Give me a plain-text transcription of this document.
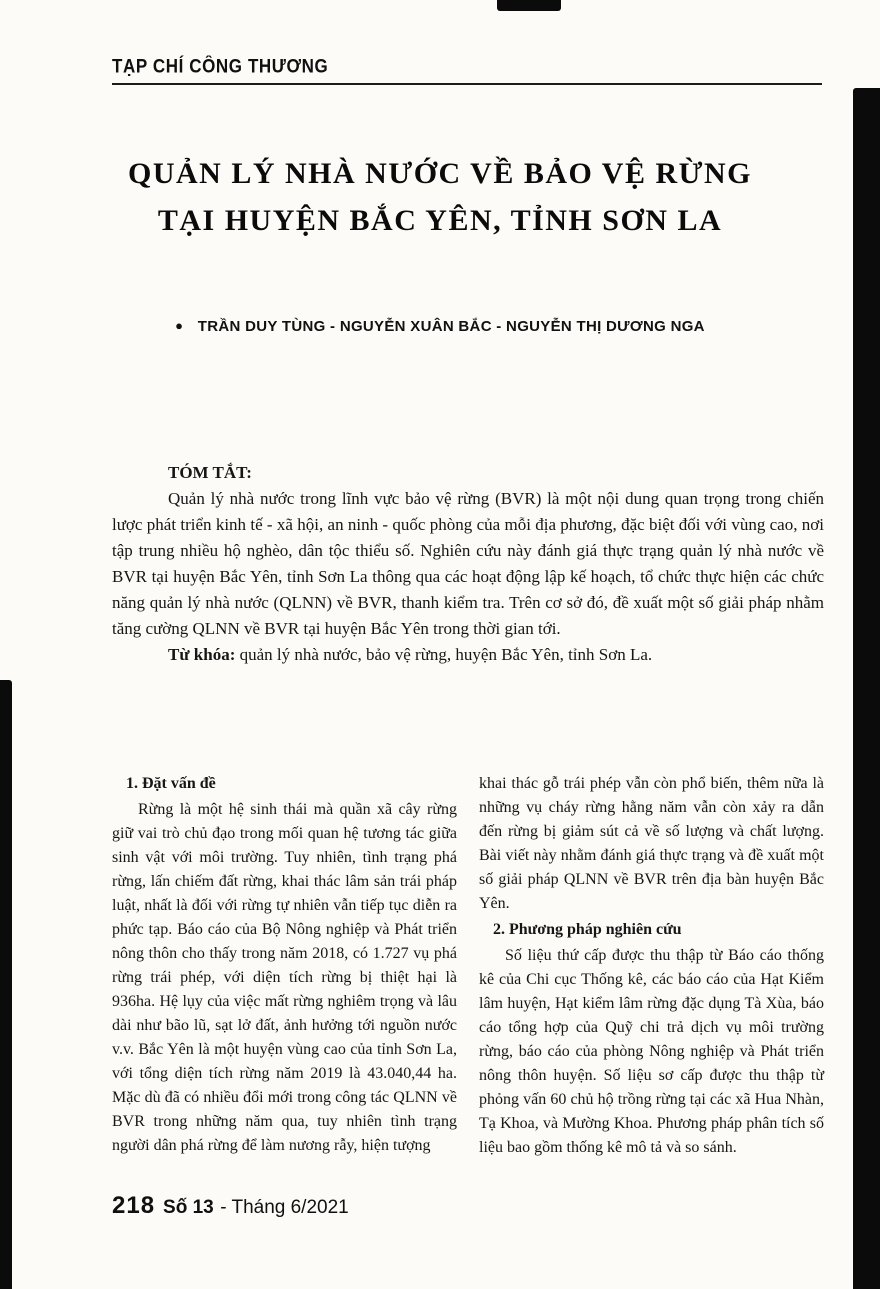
TẠP CHÍ CÔNG THƯƠNG
QUẢN LÝ NHÀ NƯỚC VỀ BẢO VỆ RỪNG
TẠI HUYỆN BẮC YÊN, TỈNH SƠN LA
● TRẦN DUY TÙNG - NGUYỄN XUÂN BẮC - NGUYỄN THỊ DƯƠNG NGA
TÓM TẮT:

Quản lý nhà nước trong lĩnh vực bảo vệ rừng (BVR) là một nội dung quan trọng trong chiến lược phát triển kinh tế - xã hội, an ninh - quốc phòng của mỗi địa phương, đặc biệt đối với vùng cao, nơi tập trung nhiều hộ nghèo, dân tộc thiểu số. Nghiên cứu này đánh giá thực trạng quản lý nhà nước về BVR tại huyện Bắc Yên, tỉnh Sơn La thông qua các hoạt động lập kế hoạch, tổ chức thực hiện các chức năng quản lý nhà nước (QLNN) về BVR, thanh kiểm tra. Trên cơ sở đó, đề xuất một số giải pháp nhằm tăng cường QLNN về BVR tại huyện Bắc Yên trong thời gian tới.

Từ khóa: quản lý nhà nước, bảo vệ rừng, huyện Bắc Yên, tỉnh Sơn La.

1. Đặt vấn đề

Rừng là một hệ sinh thái mà quần xã cây rừng giữ vai trò chủ đạo trong mối quan hệ tương tác giữa sinh vật với môi trường. Tuy nhiên, tình trạng phá rừng, lấn chiếm đất rừng, khai thác lâm sản trái pháp luật, nhất là đối với rừng tự nhiên vẫn tiếp tục diễn ra phức tạp. Báo cáo của Bộ Nông nghiệp và Phát triển nông thôn cho thấy trong năm 2018, có 1.727 vụ phá rừng trái phép, với diện tích rừng bị thiệt hại là 936ha. Hệ lụy của việc mất rừng nghiêm trọng và lâu dài như bão lũ, sạt lở đất, ảnh hưởng tới nguồn nước v.v. Bắc Yên là một huyện vùng cao của tỉnh Sơn La, với tổng diện tích rừng năm 2019 là 43.040,44 ha. Mặc dù đã có nhiều đổi mới trong công tác QLNN về BVR trong những năm qua, tuy nhiên tình trạng người dân phá rừng để làm nương rẫy, hiện tượng

khai thác gỗ trái phép vẫn còn phổ biến, thêm nữa là những vụ cháy rừng hằng năm vẫn còn xảy ra dẫn đến rừng bị giảm sút cả về số lượng và chất lượng. Bài viết này nhằm đánh giá thực trạng và đề xuất một số giải pháp QLNN về BVR trên địa bàn huyện Bắc Yên.

2. Phương pháp nghiên cứu

Số liệu thứ cấp được thu thập từ Báo cáo thống kê của Chi cục Thống kê, các báo cáo của Hạt Kiểm lâm huyện, Hạt kiểm lâm rừng đặc dụng Tà Xùa, báo cáo tổng hợp của Quỹ chi trả dịch vụ môi trường rừng, báo cáo của phòng Nông nghiệp và Phát triển nông thôn huyện. Số liệu sơ cấp được thu thập từ phỏng vấn 60 chủ hộ trồng rừng tại các xã Hua Nhàn, Tạ Khoa, và Mường Khoa. Phương pháp phân tích số liệu bao gồm thống kê mô tả và so sánh.

218 Số 13 - Tháng 6/2021
